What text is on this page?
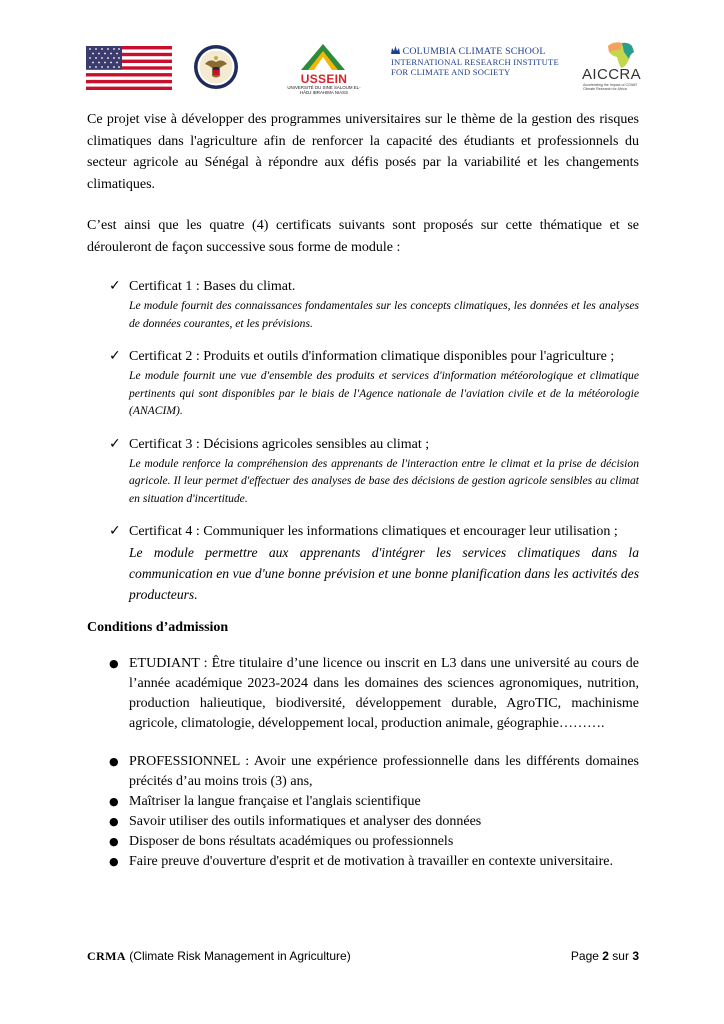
USSEIN
UNIVERSITÉ DU SINE SALOUM EL-HÂDJ IBRAHIMA NIASS
COLUMBIA CLIMATE SCHOOL
INTERNATIONAL RESEARCH INSTITUTE
FOR CLIMATE AND SOCIETY	AICCRA
Accelerating the Impact of CGIAR Climate Research for Africa

Ce projet vise à développer des programmes universitaires sur le thème de la gestion des risques climatiques dans l'agriculture afin de renforcer la capacité des étudiants et professionnels du secteur agricole au Sénégal à répondre aux défis posés par la variabilité et les changements climatiques.

C’est ainsi que les quatre (4) certificats suivants sont proposés sur cette thématique et se dérouleront de façon successive sous forme de module :

✓ Certificat 1 : Bases du climat.
Le module fournit des connaissances fondamentales sur les concepts climatiques, les données et les analyses de données courantes, et les prévisions.
✓ Certificat 2 : Produits et outils d'information climatique disponibles pour l'agriculture ;
Le module fournit une vue d'ensemble des produits et services d'information météorologique et climatique pertinents qui sont disponibles par le biais de l'Agence nationale de l'aviation civile et de la météorologie (ANACIM).
✓ Certificat 3 : Décisions agricoles sensibles au climat ;
Le module renforce la compréhension des apprenants de l'interaction entre le climat et la prise de décision agricole. Il leur permet d'effectuer des analyses de base des décisions de gestion agricole sensibles au climat en situation d'incertitude.
✓ Certificat 4 : Communiquer les informations climatiques et encourager leur utilisation ;
Le module permettre aux apprenants d'intégrer les services climatiques dans la communication en vue d'une bonne prévision et une bonne planification dans les activités des producteurs.
Conditions d’admission
● ETUDIANT : Être titulaire d’une licence ou inscrit en L3 dans une université au cours de l’année académique 2023-2024 dans les domaines des sciences agronomiques, nutrition, production halieutique, biodiversité, développement durable, AgroTIC, machinisme agricole, climatologie, développement local, production animale, géographie……….
● PROFESSIONNEL : Avoir une expérience professionnelle dans les différents domaines précités d’au moins trois (3) ans,
● Maîtriser la langue française et l'anglais scientifique
● Savoir utiliser des outils informatiques et analyser des données
● Disposer de bons résultats académiques ou professionnels
● Faire preuve d'ouverture d'esprit et de motivation à travailler en contexte universitaire.
CRMA (Climate Risk Management in Agriculture)	Page 2 sur 3
